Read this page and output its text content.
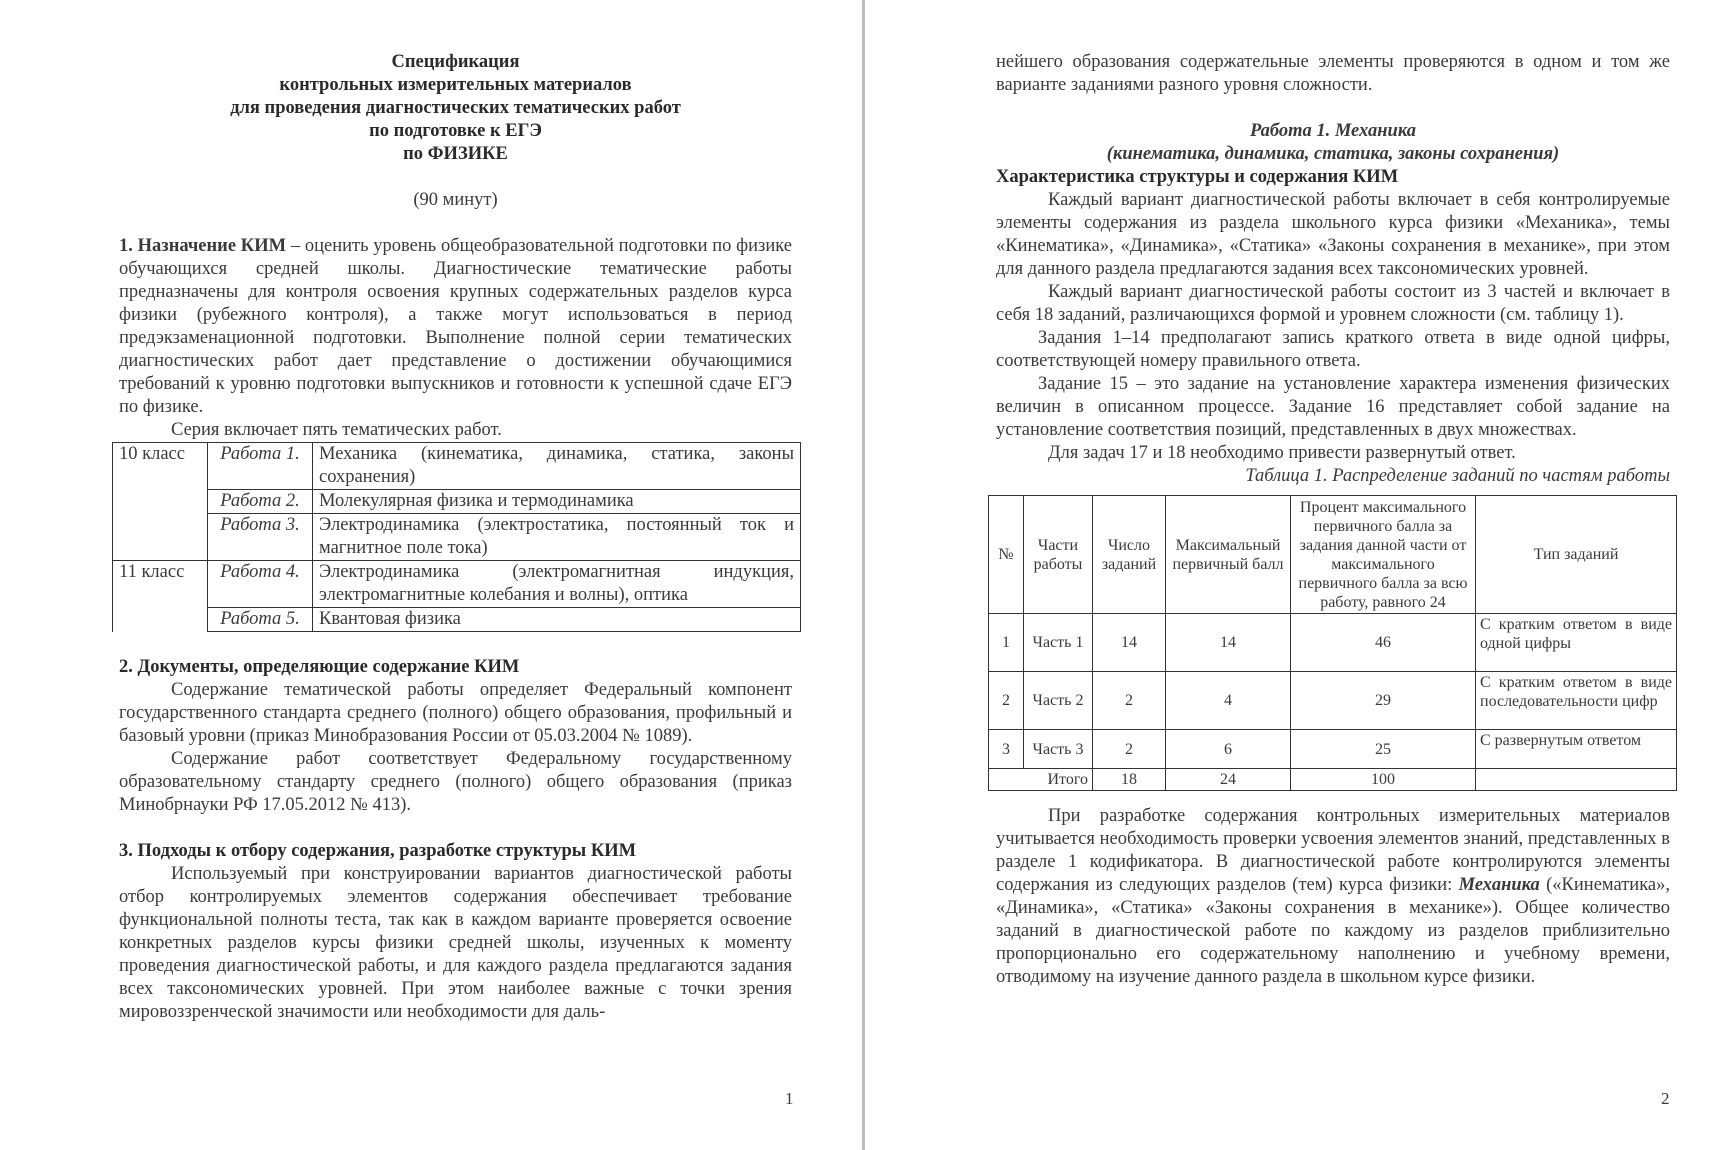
Спецификация
контрольных измерительных материалов
для проведения диагностических тематических работ
по подготовке к ЕГЭ
по ФИЗИКЕ

(90 минут)

1. Назначение КИМ – оценить уровень общеобразовательной подготовки по физике обучающихся средней школы. Диагностические тематические работы предназначены для контроля освоения крупных содержательных разделов курса физики (рубежного контроля), а также могут использоваться в период предэкзаменационной подготовки. Выполнение полной серии тематических диагностических работ дает представление о достижении обучающимися требований к уровню подготовки выпускников и готовности к успешной сдаче ЕГЭ по физике.

Серия включает пять тематических работ.

10 класс	Работа 1.	Механика (кинематика, динамика, статика, законы сохранения)
	Работа 2.	Молекулярная физика и термодинамика
	Работа 3.	Электродинамика (электростатика, постоянный ток и магнитное поле тока)
11 класс	Работа 4.	Электродинамика (электромагнитная индукция, электромагнитные колебания и волны), оптика
	Работа 5.	Квантовая физика

2. Документы, определяющие содержание КИМ

Содержание тематической работы определяет Федеральный компонент государственного стандарта среднего (полного) общего образования, профильный и базовый уровни (приказ Минобразования России от 05.03.2004 № 1089).

Содержание работ соответствует Федеральному государственному образовательному стандарту среднего (полного) общего образования (приказ Минобрнауки РФ 17.05.2012 № 413).

3. Подходы к отбору содержания, разработке структуры КИМ

Используемый при конструировании вариантов диагностической работы отбор контролируемых элементов содержания обеспечивает требование функциональной полноты теста, так как в каждом варианте проверяется освоение конкретных разделов курсы физики средней школы, изученных к моменту проведения диагностической работы, и для каждого раздела предлагаются задания всех таксономических уровней. При этом наиболее важные с точки зрения мировоззренческой значимости или необходимости для даль-

1

нейшего образования содержательные элементы проверяются в одном и том же варианте заданиями разного уровня сложности.

Работа 1. Механика

(кинематика, динамика, статика, законы сохранения)

Характеристика структуры и содержания КИМ

Каждый вариант диагностической работы включает в себя контролируемые элементы содержания из раздела школьного курса физики «Механика», темы «Кинематика», «Динамика», «Статика» «Законы сохранения в механике», при этом для данного раздела предлагаются задания всех таксономических уровней.

Каждый вариант диагностической работы состоит из 3 частей и включает в себя 18 заданий, различающихся формой и уровнем сложности (см. таблицу 1).

Задания 1–14 предполагают запись краткого ответа в виде одной цифры, соответствующей номеру правильного ответа.

Задание 15 – это задание на установление характера изменения физических величин в описанном процессе. Задание 16 представляет собой задание на установление соответствия позиций, представленных в двух множествах.

Для задач 17 и 18 необходимо привести развернутый ответ.

Таблица 1. Распределение заданий по частям работы

№	Части работы	Число заданий	Максимальный первичный балл	Процент максимального первичного балла за задания данной части от максимального первичного балла за всю работу, равного 24	Тип заданий
1	Часть 1	14	14	46	С кратким ответом в виде одной цифры
2	Часть 2	2	4	29	С кратким ответом в виде последовательности цифр
3	Часть 3	2	6	25	С развернутым ответом
Итого		18	24	100	

При разработке содержания контрольных измерительных материалов учитывается необходимость проверки усвоения элементов знаний, представленных в разделе 1 кодификатора. В диагностической работе контролируются элементы содержания из следующих разделов (тем) курса физики: Механика («Кинематика», «Динамика», «Статика» «Законы сохранения в механике»). Общее количество заданий в диагностической работе по каждому из разделов приблизительно пропорционально его содержательному наполнению и учебному времени, отводимому на изучение данного раздела в школьном курсе физики.

2
